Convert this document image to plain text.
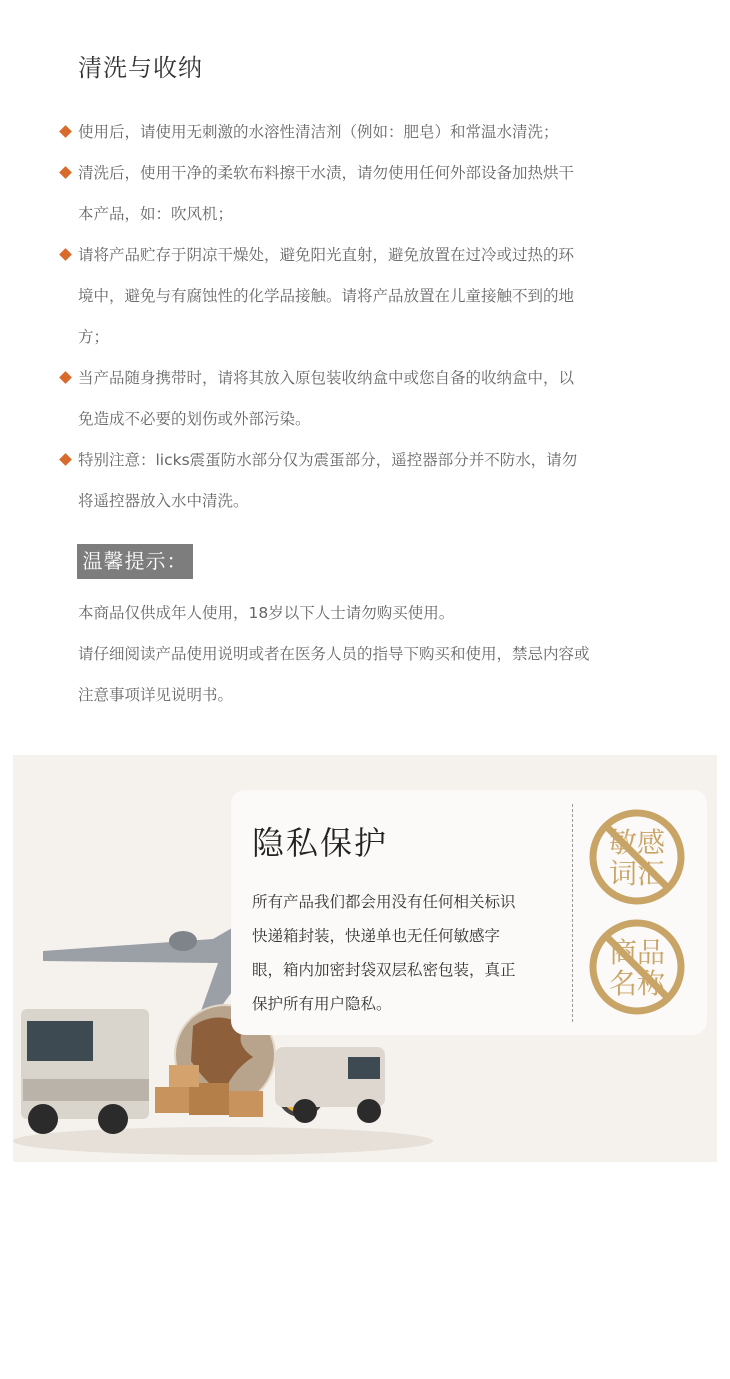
清洗与收纳
使用后，请使用无刺激的水溶性清洁剂（例如：肥皂）和常温水清洗；
清洗后，使用干净的柔软布料擦干水渍，请勿使用任何外部设备加热烘干
本产品，如：吹风机；
请将产品贮存于阴凉干燥处，避免阳光直射，避免放置在过冷或过热的环
境中，避免与有腐蚀性的化学品接触。请将产品放置在儿童接触不到的地
方；
当产品随身携带时，请将其放入原包装收纳盒中或您自备的收纳盒中，以
免造成不必要的划伤或外部污染。
特别注意：licks震蛋防水部分仅为震蛋部分，遥控器部分并不防水，请勿
将遥控器放入水中清洗。
温馨提示：
本商品仅供成年人使用，18岁以下人士请勿购买使用。
请仔细阅读产品使用说明或者在医务人员的指导下购买和使用，禁忌内容或
注意事项详见说明书。
隐私保护
所有产品我们都会用没有任何相关标识
快递箱封装，快递单也无任何敏感字
眼，箱内加密封袋双层私密包装，真正
保护所有用户隐私。
敏感
词汇
商品
名称
